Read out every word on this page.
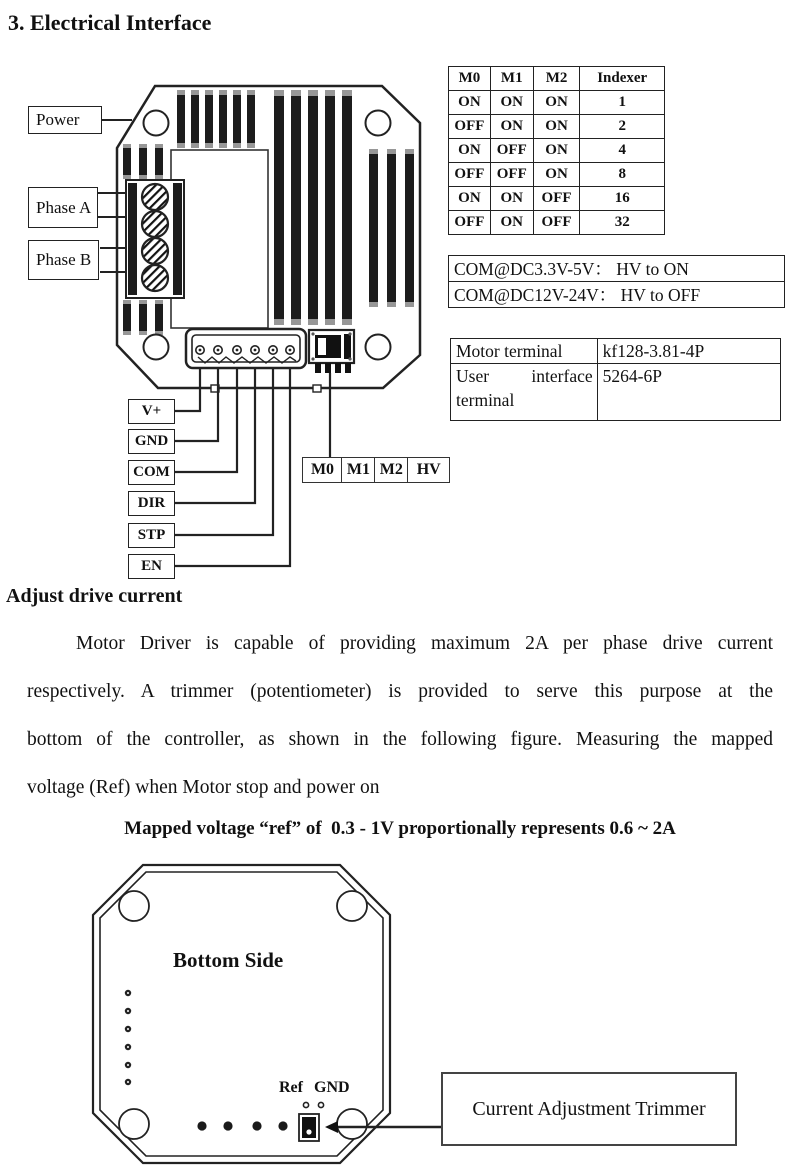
3. Electrical Interface
Power
Phase A
Phase B
V+
GND
COM
DIR
STP
EN
M0 M1 M2 HV
M0	M1	M2	Indexer
ON	ON	ON	1
OFF	ON	ON	2
ON	OFF	ON	4
OFF	OFF	ON	8
ON	ON	OFF	16
OFF	ON	OFF	32
COM@DC3.3V-5V： HV to ON
COM@DC12V-24V： HV to OFF
Motor terminal	kf128-3.81-4P
User interface terminal	5264-6P
Adjust drive current
Motor Driver is capable of providing maximum 2A per phase drive current
respectively. A trimmer (potentiometer) is provided to serve this purpose at the
bottom of the controller, as shown in the following figure. Measuring the mapped
voltage (Ref) when Motor stop and power on
Mapped voltage “ref” of  0.3 - 1V proportionally represents 0.6 ~ 2A
Bottom Side
Ref GND
Current Adjustment Trimmer
